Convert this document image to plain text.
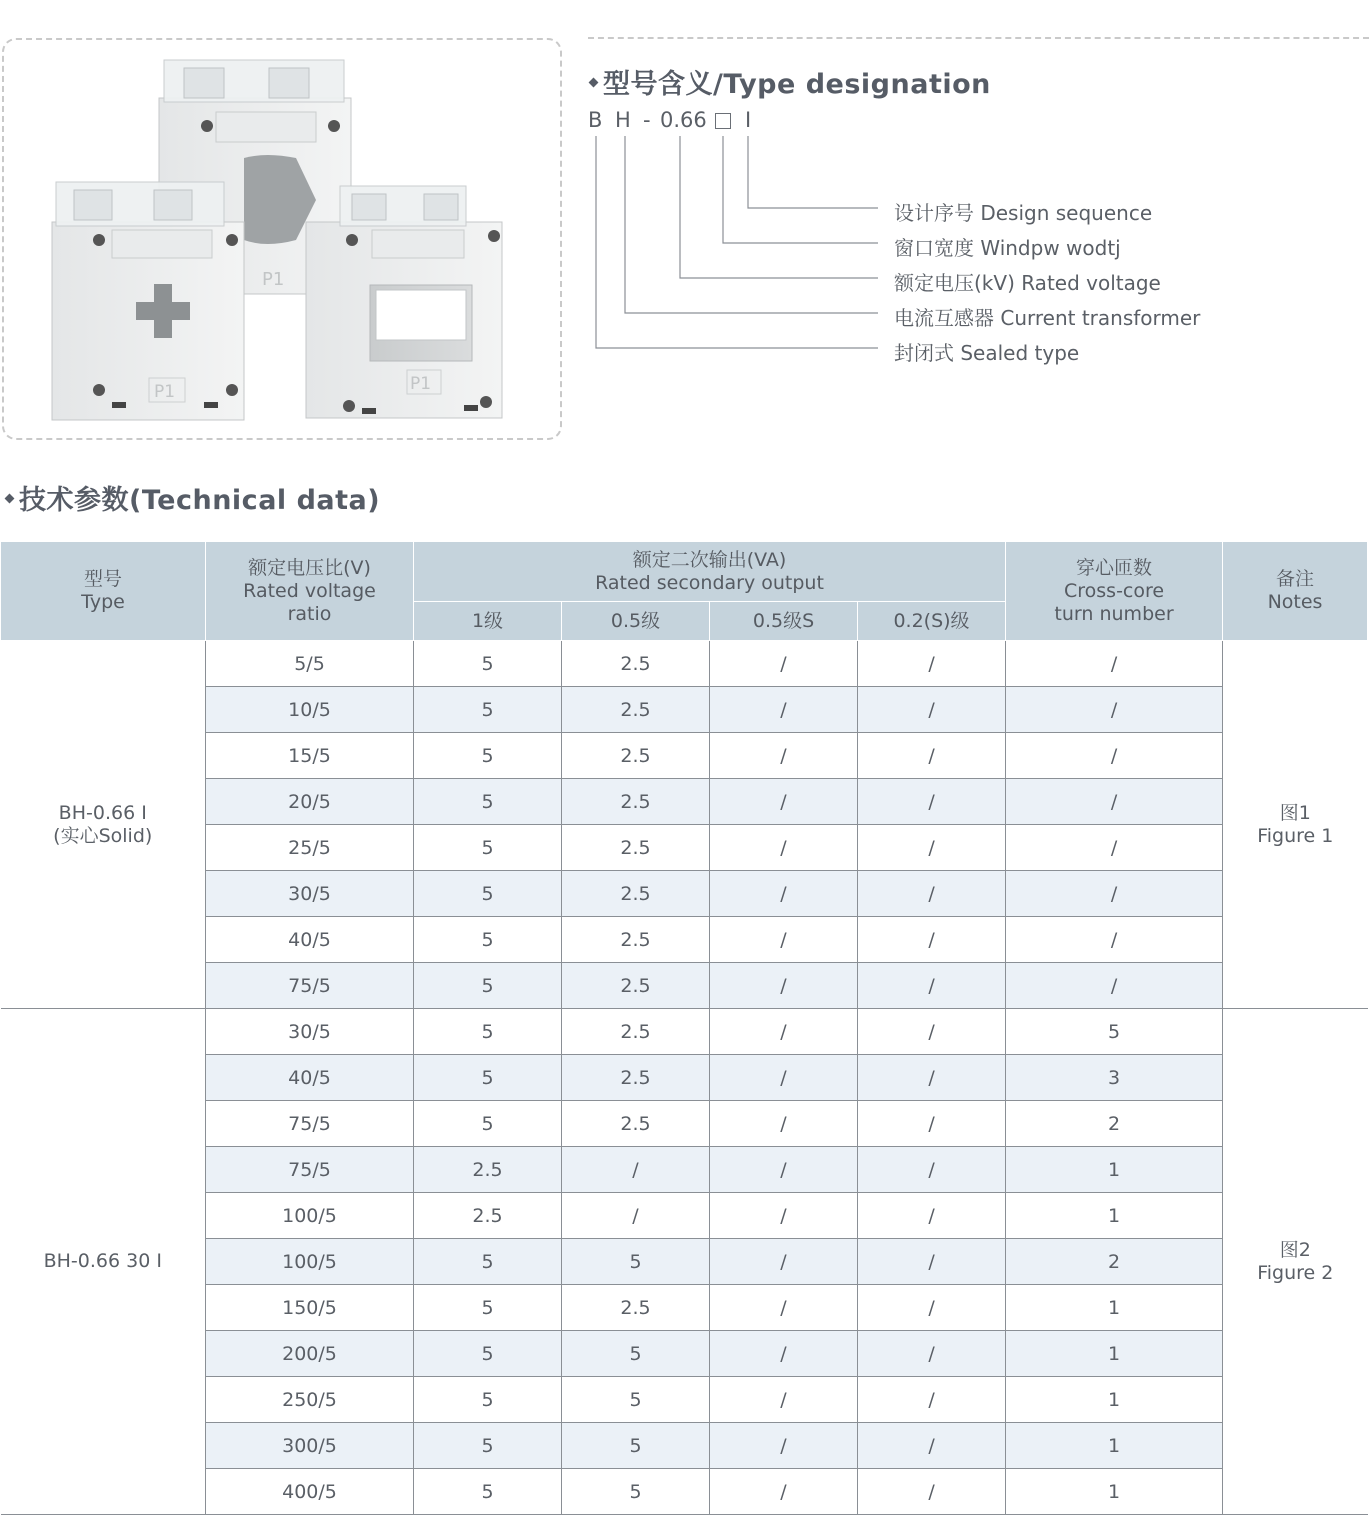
P1
P1	P1
型号含义/Type designation
B H - 0.66 I
设计序号 Design sequence
窗口宽度 Windpw wodtj
额定电压(kV) Rated voltage
电流互感器 Current transformer
封闭式 Sealed type
技术参数(Technical data)
型号
Type	额定电压比(V)
Rated voltage
ratio	额定二次输出(VA)
Rated secondary output				穿心匝数
Cross-core
turn number	备注
Notes

		1级	0.5级	0.5级S	0.2(S)级		

BH-0.66 I
(实心Solid)	5/5	5	2.5	/	/	/	图1
Figure 1

	10/5	5	2.5	/	/	/	
	15/5	5	2.5	/	/	/	
	20/5	5	2.5	/	/	/	
	25/5	5	2.5	/	/	/	
	30/5	5	2.5	/	/	/	
	40/5	5	2.5	/	/	/	
	75/5	5	2.5	/	/	/	

BH-0.66 30 I	30/5	5	2.5	/	/	5	图2
Figure 2

	40/5	5	2.5	/	/	3	
	75/5	5	2.5	/	/	2	
	75/5	2.5	/	/	/	1	
	100/5	2.5	/	/	/	1	
	100/5	5	5	/	/	2	
	150/5	5	2.5	/	/	1	
	200/5	5	5	/	/	1	
	250/5	5	5	/	/	1	
	300/5	5	5	/	/	1	
	400/5	5	5	/	/	1	
